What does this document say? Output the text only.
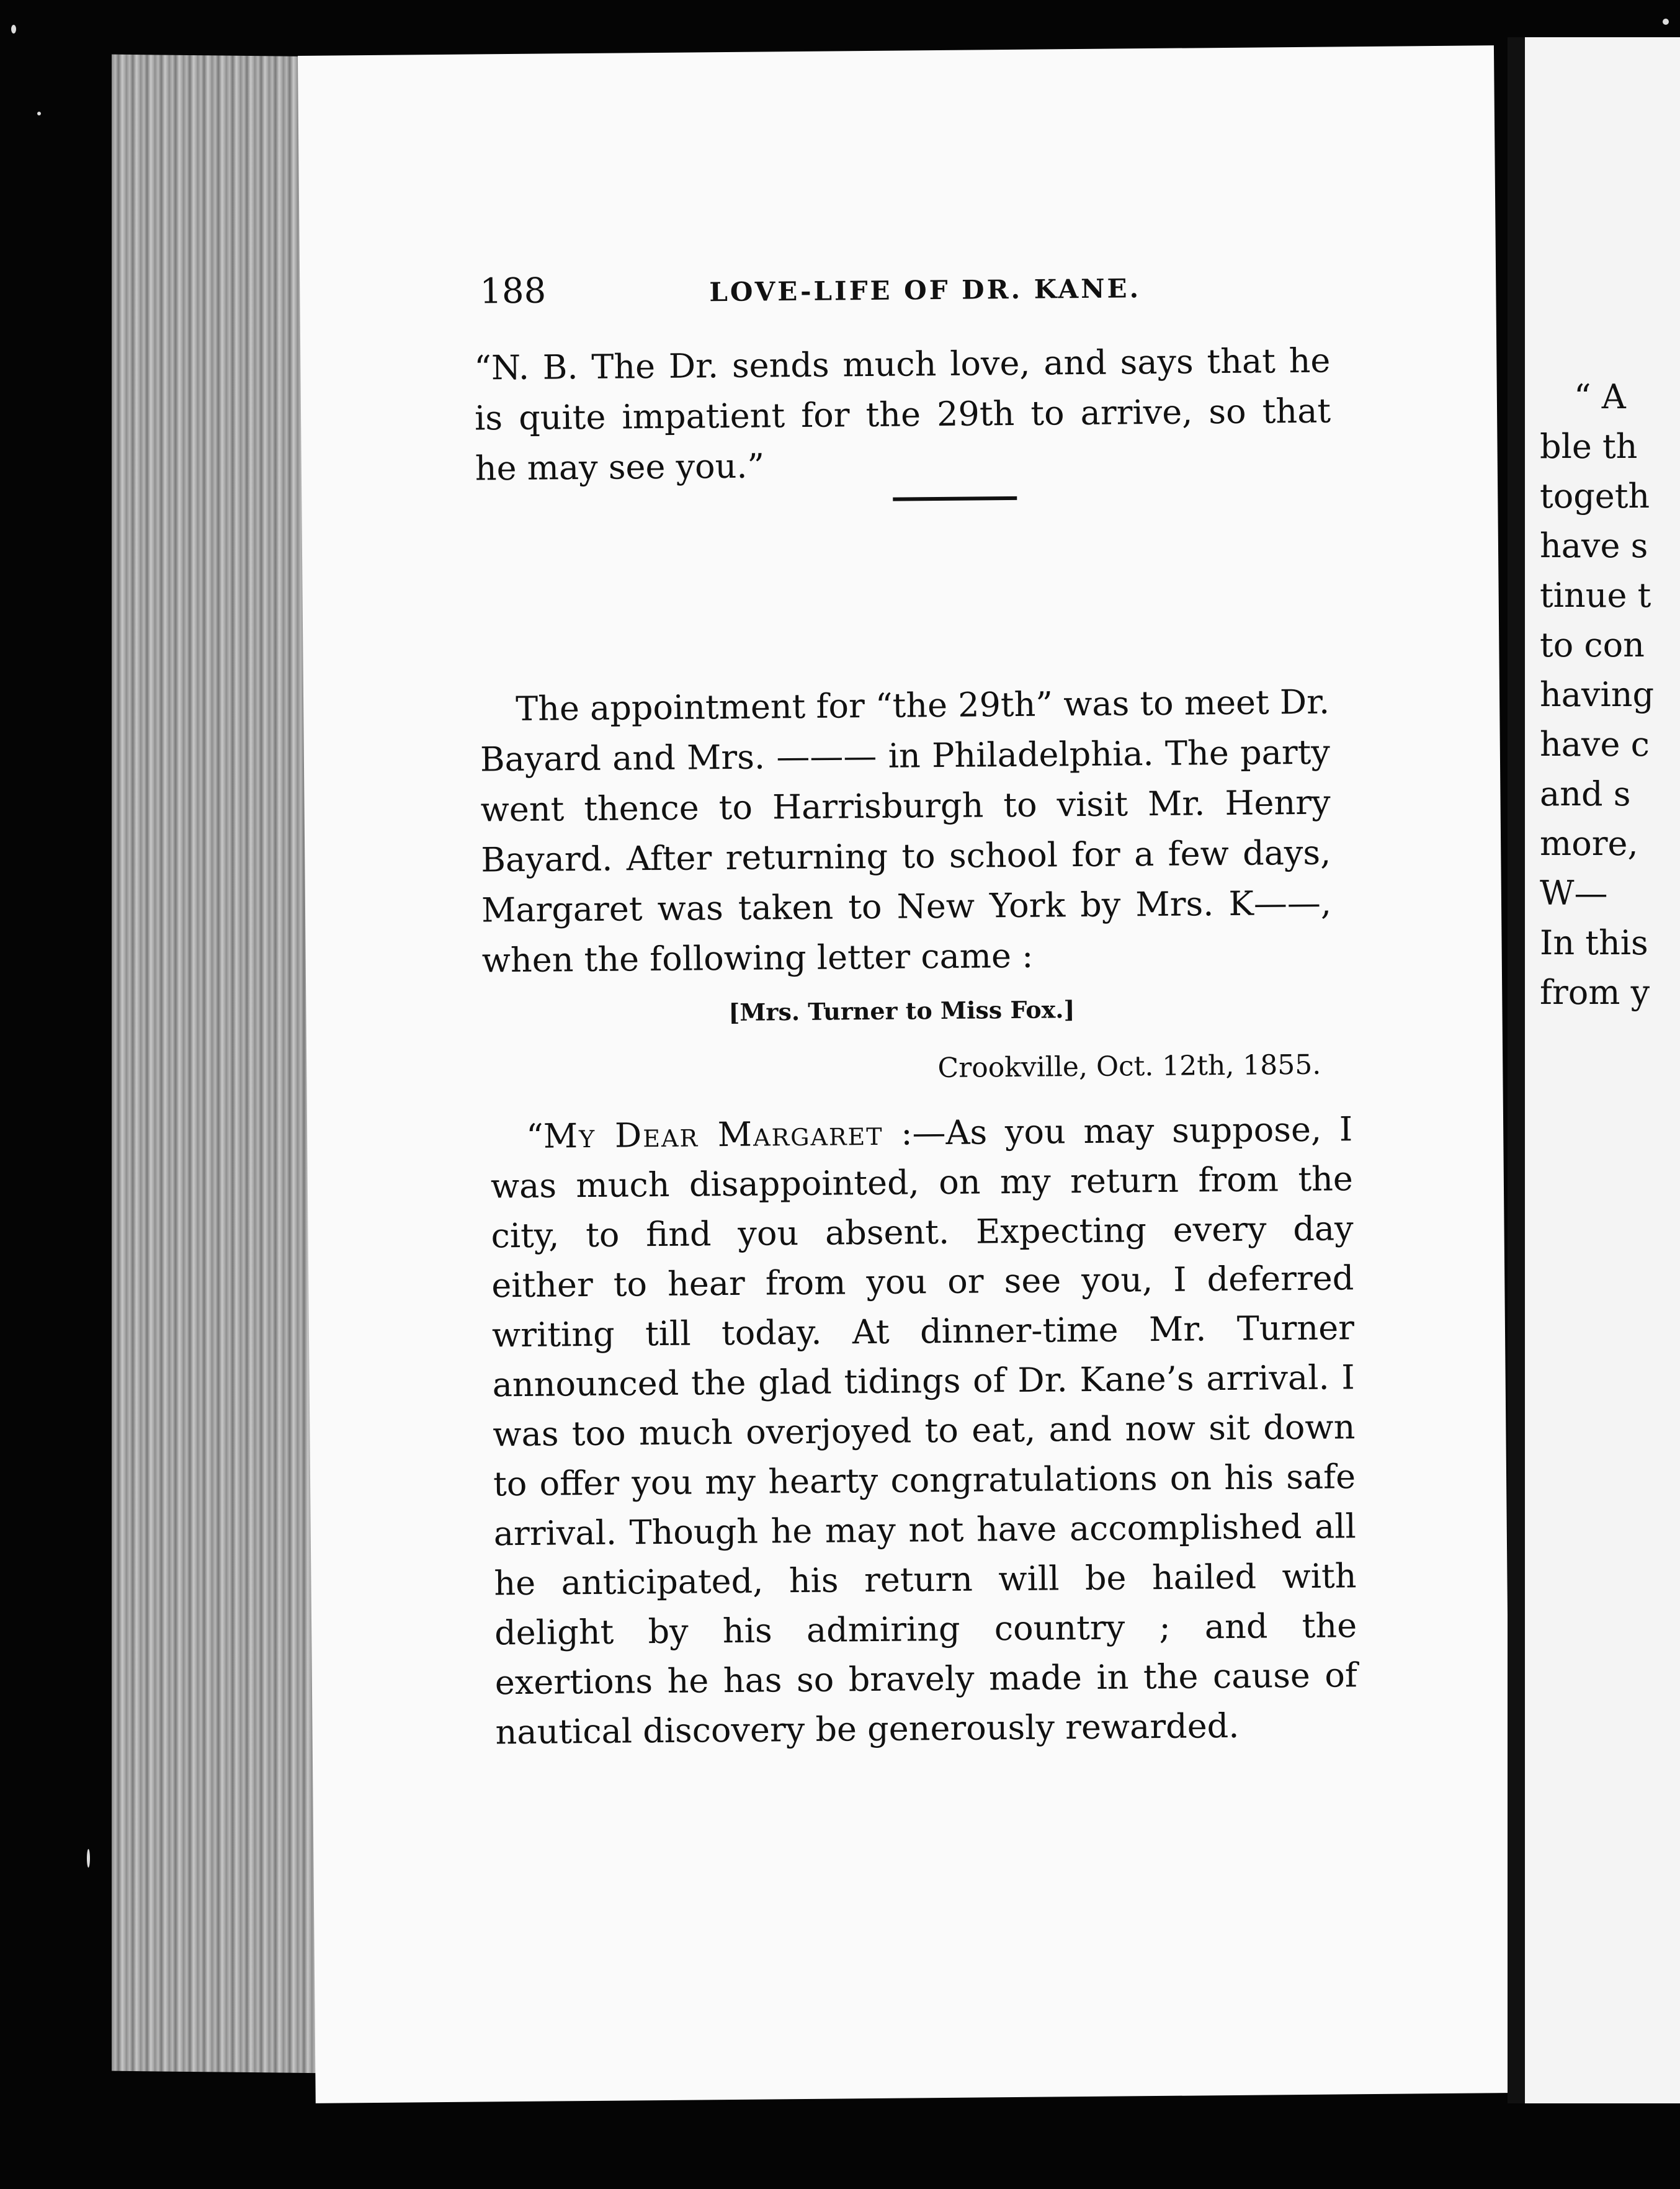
188	LOVE-LIFE OF DR. KANE.

“N. B. The Dr. sends much love, and says that he is quite impatient for the 29th to arrive, so that he may see you.”

The appointment for “the 29th” was to meet Dr. Bayard and Mrs. ——— in Philadelphia. The party went thence to Harrisburgh to visit Mr. Henry Bayard. After returning to school for a few days, Margaret was taken to New York by Mrs. K——, when the following letter came :

[Mrs. Turner to Miss Fox.]

Crookville, Oct. 12th, 1855.

“My Dear Margaret :—As you may suppose, I was much disappointed, on my return from the city, to find you absent. Expecting every day either to hear from you or see you, I deferred writing till today. At dinner-time Mr. Turner announced the glad tidings of Dr. Kane’s arrival. I was too much overjoyed to eat, and now sit down to offer you my hearty congratulations on his safe arrival. Though he may not have accomplished all he anticipated, his return will be hailed with delight by his admiring country ; and the exertions he has so bravely made in the cause of nautical discovery be generously rewarded.

“ A
ble th
togeth
have s
tinue t
to con
having
have c
and s
more,
W—
In this
from y
